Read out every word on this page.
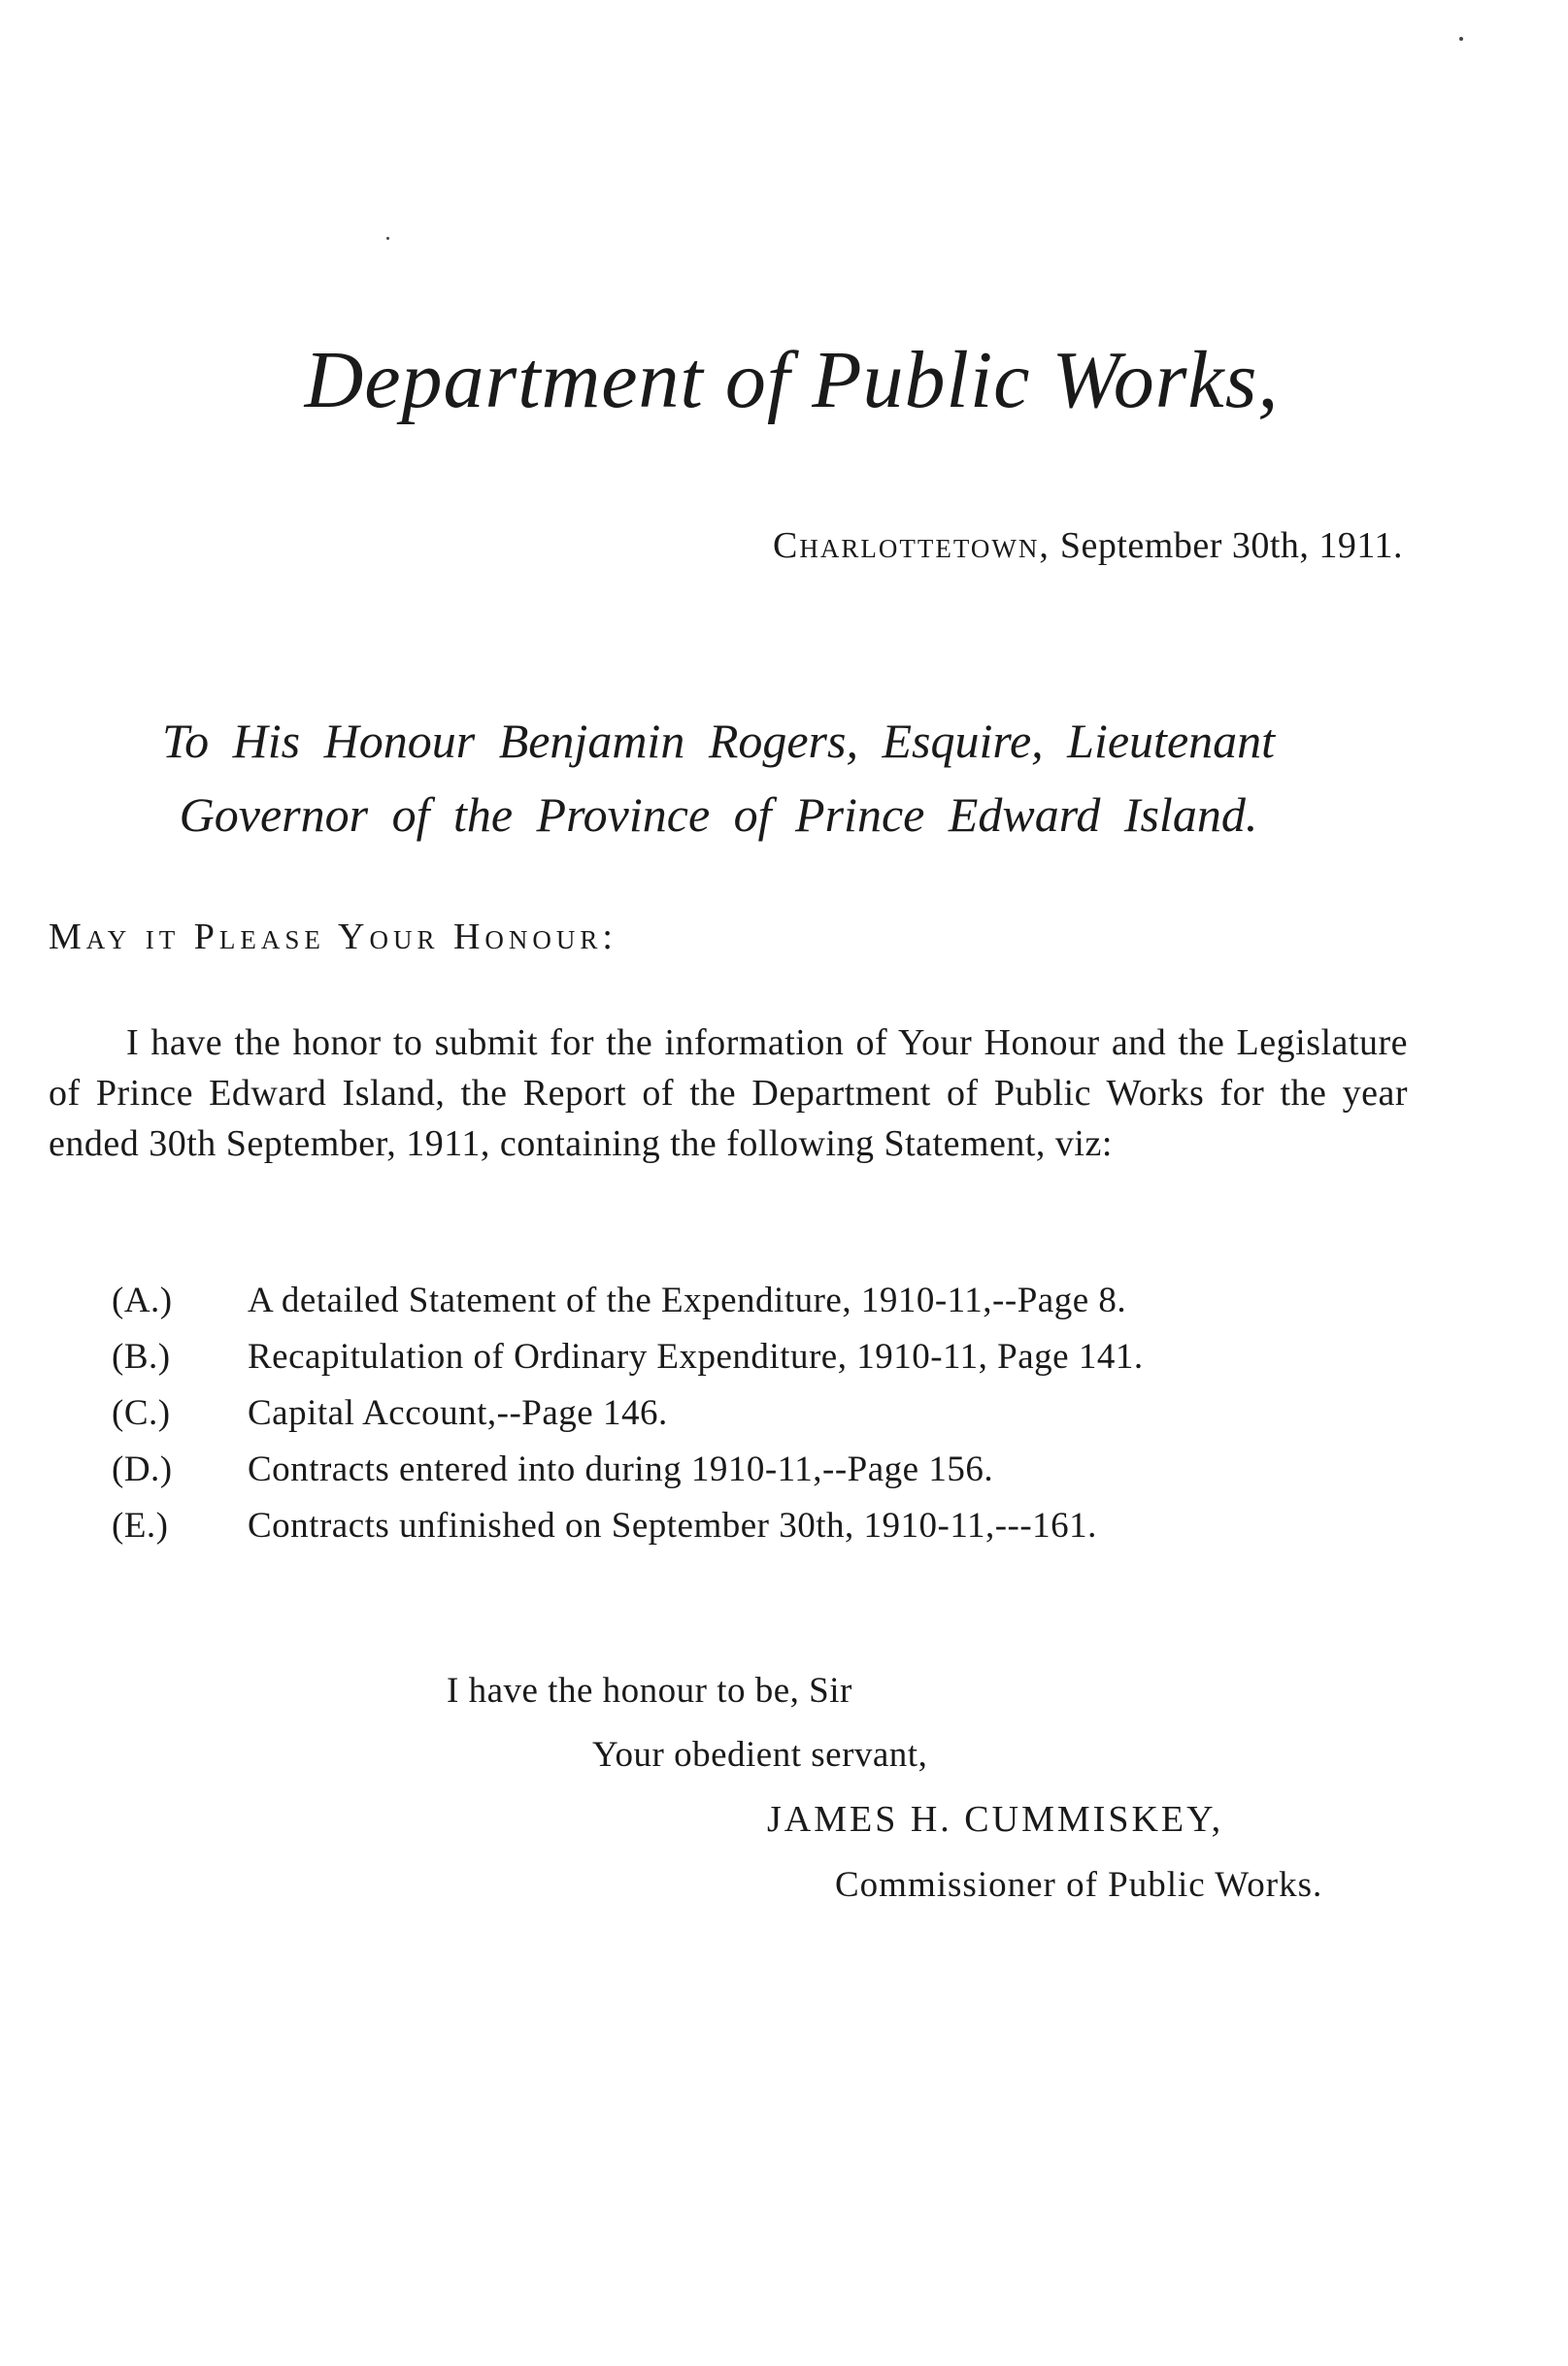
Department of Public Works,
Charlottetown, September 30th, 1911.
To His Honour Benjamin Rogers, Esquire, Lieutenant
Governor of the Province of Prince Edward Island.
May it Please Your Honour:
I have the honor to submit for the information of Your Honour and the Legislature of Prince Edward Island, the Report of the Department of Public Works for the year ended 30th September, 1911, containing the following Statement, viz:
(A.)	A detailed Statement of the Expenditure, 1910-11,--Page 8.
(B.)	Recapitulation of Ordinary Expenditure, 1910-11, Page 141.
(C.)	Capital Account,--Page 146.
(D.)	Contracts entered into during 1910-11,--Page 156.
(E.)	Contracts unfinished on September 30th, 1910-11,---161.
I have the honour to be, Sir
Your obedient servant,
JAMES H. CUMMISKEY,
Commissioner of Public Works.
